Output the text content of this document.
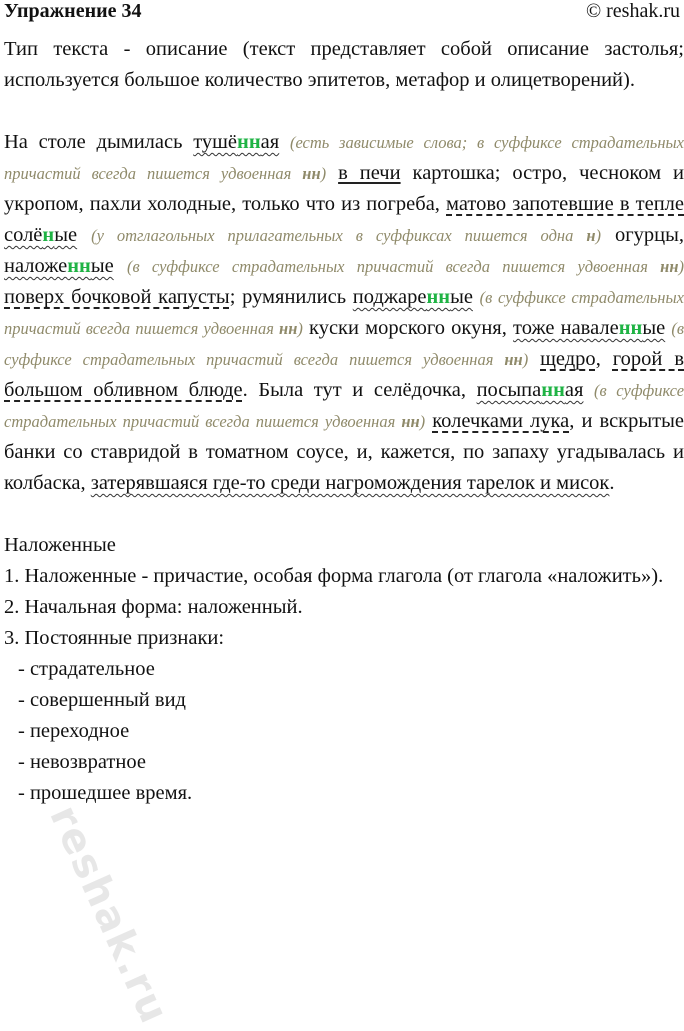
Упражнение 34	© reshak.ru

Тип текста - описание (текст представляет собой описание застолья; используется большое количество эпитетов, метафор и олицетворений).

На столе дымилась тушённая (есть зависимые слова; в суффиксе страдательных причастий всегда пишется удвоенная нн) в печи картошка; остро, чесноком и укропом, пахли холодные, только что из погреба, матово запотевшие в тепле солёные (у отглагольных прилагательных в суффиксах пишется одна н) огурцы, наложенные (в суффиксе страдательных причастий всегда пишется удвоенная нн) поверх бочковой капусты; румянились поджаренные (в суффиксе страдательных причастий всегда пишется удвоенная нн) куски морского окуня, тоже наваленные (в суффиксе страдательных причастий всегда пишется удвоенная нн) щедро, горой в большом обливном блюде. Была тут и селёдочка, посыпанная (в суффиксе страдательных причастий всегда пишется удвоенная нн) колечками лука, и вскрытые банки со ставридой в томатном соусе, и, кажется, по запаху угадывалась и колбаска, затерявшаяся где-то среди нагромождения тарелок и мисок.

Наложенные

1. Наложенные - причастие, особая форма глагола (от глагола «наложить»).

2. Начальная форма: наложенный.

3. Постоянные признаки:

- страдательное

- совершенный вид

- переходное

- невозвратное

- прошедшее время.

reshak.ru
